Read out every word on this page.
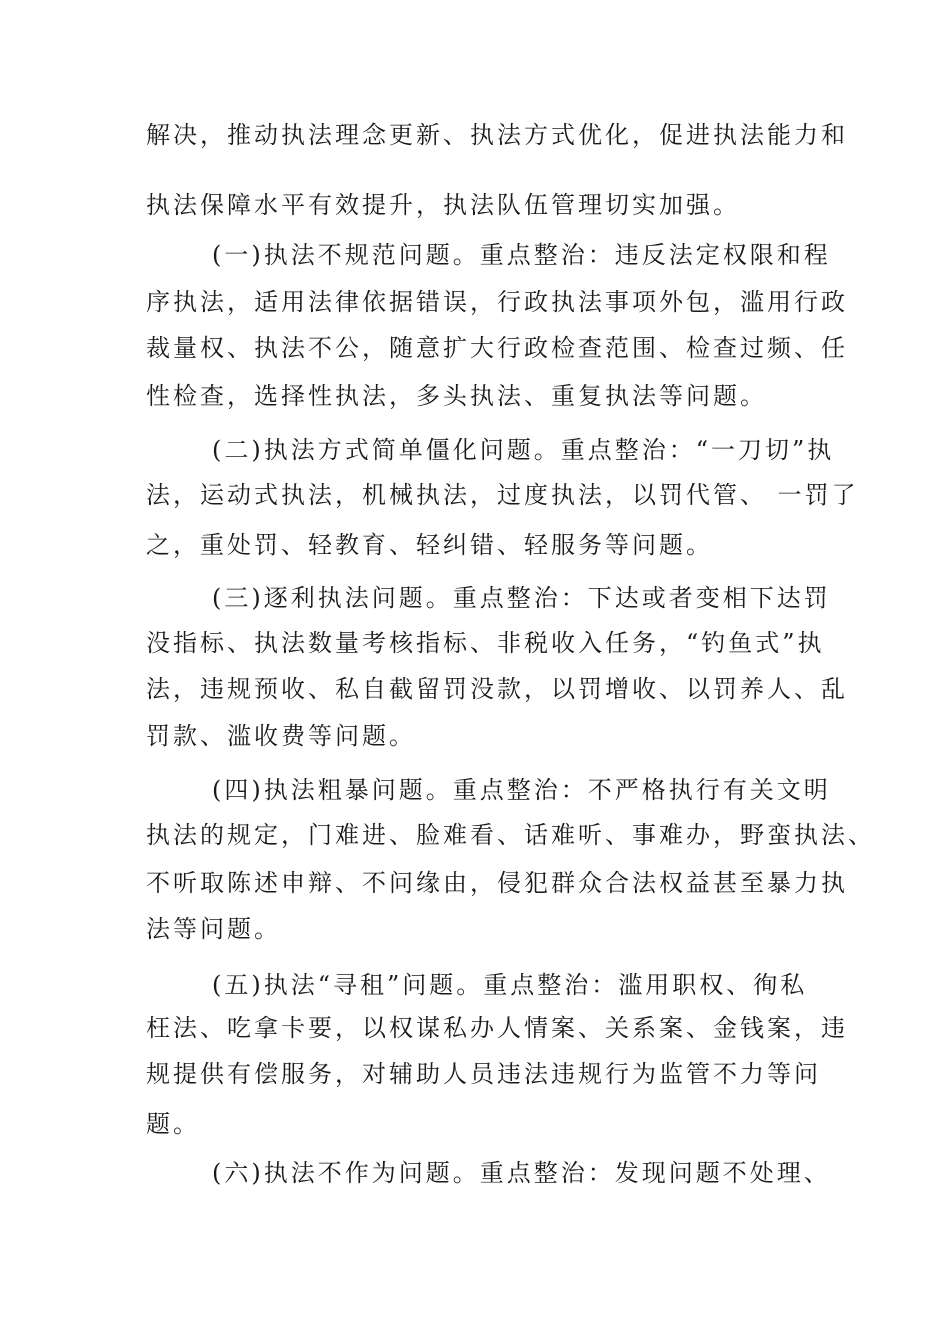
解决，推动执法理念更新、执法方式优化，促进执法能力和
执法保障水平有效提升，执法队伍管理切实加强。
(一)执法不规范问题。重点整治：违反法定权限和程
序执法，适用法律依据错误，行政执法事项外包，滥用行政
裁量权、执法不公，随意扩大行政检查范围、检查过频、任
性检查，选择性执法，多头执法、重复执法等问题。
(二)执法方式简单僵化问题。重点整治：“一刀切”执
法，运动式执法，机械执法，过度执法，以罚代管、 一罚了
之，重处罚、轻教育、轻纠错、轻服务等问题。
(三)逐利执法问题。重点整治：下达或者变相下达罚
没指标、执法数量考核指标、非税收入任务，“钓鱼式”执
法，违规预收、私自截留罚没款，以罚增收、以罚养人、乱
罚款、滥收费等问题。
(四)执法粗暴问题。重点整治：不严格执行有关文明
执法的规定，门难进、脸难看、话难听、事难办，野蛮执法、
不听取陈述申辩、不问缘由，侵犯群众合法权益甚至暴力执
法等问题。
(五)执法“寻租”问题。重点整治：滥用职权、徇私
枉法、吃拿卡要，以权谋私办人情案、关系案、金钱案，违
规提供有偿服务，对辅助人员违法违规行为监管不力等问
题。
(六)执法不作为问题。重点整治：发现问题不处理、
